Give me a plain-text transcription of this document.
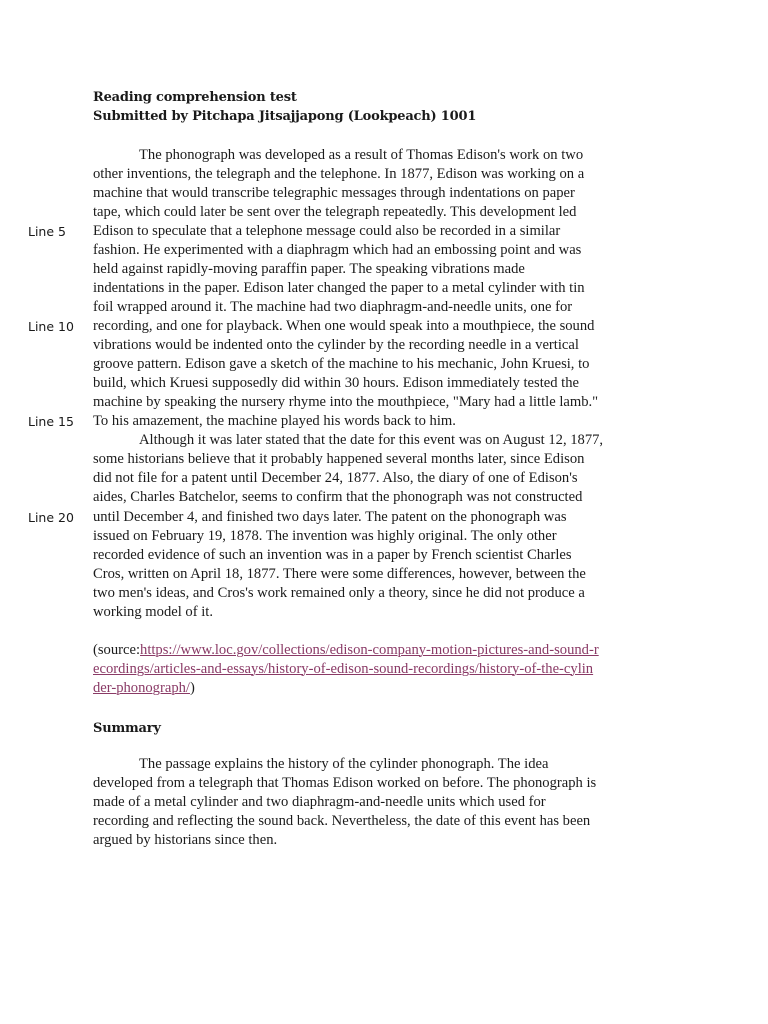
Reading comprehension test
Submitted by Pitchapa Jitsajjapong (Lookpeach) 1001
Line 5
Line 10
Line 15
Line 20
The phonograph was developed as a result of Thomas Edison's work on two
other inventions, the telegraph and the telephone. In 1877, Edison was working on a
machine that would transcribe telegraphic messages through indentations on paper
tape, which could later be sent over the telegraph repeatedly. This development led
Edison to speculate that a telephone message could also be recorded in a similar
fashion. He experimented with a diaphragm which had an embossing point and was
held against rapidly-moving paraffin paper. The speaking vibrations made
indentations in the paper. Edison later changed the paper to a metal cylinder with tin
foil wrapped around it. The machine had two diaphragm-and-needle units, one for
recording, and one for playback. When one would speak into a mouthpiece, the sound
vibrations would be indented onto the cylinder by the recording needle in a vertical
groove pattern. Edison gave a sketch of the machine to his mechanic, John Kruesi, to
build, which Kruesi supposedly did within 30 hours. Edison immediately tested the
machine by speaking the nursery rhyme into the mouthpiece, "Mary had a little lamb."
To his amazement, the machine played his words back to him.
Although it was later stated that the date for this event was on August 12, 1877,
some historians believe that it probably happened several months later, since Edison
did not file for a patent until December 24, 1877. Also, the diary of one of Edison's
aides, Charles Batchelor, seems to confirm that the phonograph was not constructed
until December 4, and finished two days later. The patent on the phonograph was
issued on February 19, 1878. The invention was highly original. The only other
recorded evidence of such an invention was in a paper by French scientist Charles
Cros, written on April 18, 1877. There were some differences, however, between the
two men's ideas, and Cros's work remained only a theory, since he did not produce a
working model of it.
(source:https://www.loc.gov/collections/edison-company-motion-pictures-and-sound-r
ecordings/articles-and-essays/history-of-edison-sound-recordings/history-of-the-cylin
der-phonograph/)
Summary
The passage explains the history of the cylinder phonograph. The idea
developed from a telegraph that Thomas Edison worked on before. The phonograph is
made of a metal cylinder and two diaphragm-and-needle units which used for
recording and reflecting the sound back. Nevertheless, the date of this event has been
argued by historians since then.
